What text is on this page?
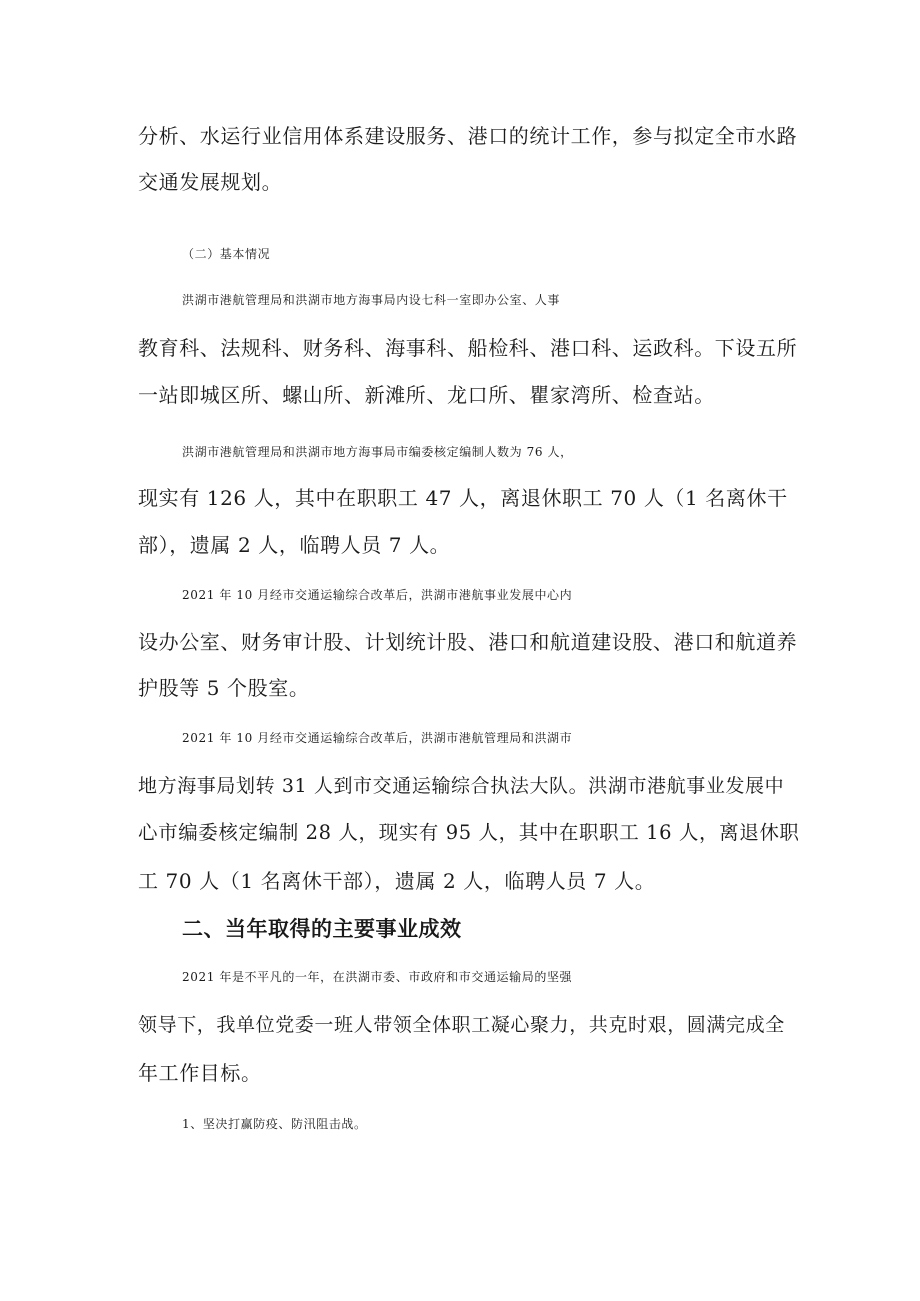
分析、水运行业信用体系建设服务、港口的统计工作，参与拟定全市水路
交通发展规划。
（二）基本情况
洪湖市港航管理局和洪湖市地方海事局内设七科一室即办公室、人事
教育科、法规科、财务科、海事科、船检科、港口科、运政科。下设五所
一站即城区所、螺山所、新滩所、龙口所、瞿家湾所、检查站。
洪湖市港航管理局和洪湖市地方海事局市编委核定编制人数为 76 人，
现实有 126 人，其中在职职工 47 人，离退休职工 70 人（1 名离休干
部），遗属 2 人，临聘人员 7 人。
2021 年 10 月经市交通运输综合改革后，洪湖市港航事业发展中心内
设办公室、财务审计股、计划统计股、港口和航道建设股、港口和航道养
护股等 5 个股室。
2021 年 10 月经市交通运输综合改革后，洪湖市港航管理局和洪湖市
地方海事局划转 31 人到市交通运输综合执法大队。洪湖市港航事业发展中
心市编委核定编制 28 人，现实有 95 人，其中在职职工 16 人，离退休职
工 70 人（1 名离休干部），遗属 2 人，临聘人员 7 人。
二、当年取得的主要事业成效
2021 年是不平凡的一年，在洪湖市委、市政府和市交通运输局的坚强
领导下，我单位党委一班人带领全体职工凝心聚力，共克时艰，圆满完成全
年工作目标。
1、坚决打赢防疫、防汛阻击战。
